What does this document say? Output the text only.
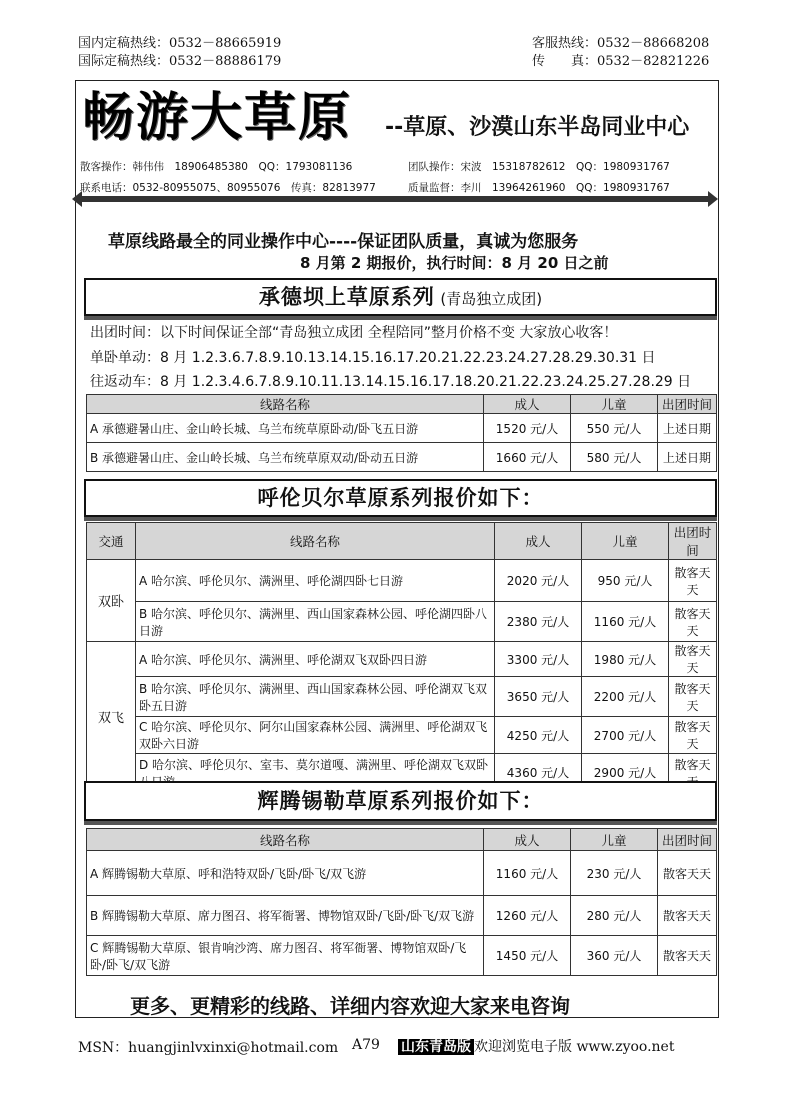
国内定稿热线：0532－88665919
国际定稿热线：0532－88886179
客服热线：0532－88668208
传　　真：0532－82821226
畅游大草原 --草原、沙漠山东半岛同业中心
散客操作：韩伟伟　18906485380　QQ：1793081136	团队操作：宋波　15318782612　QQ：1980931767
联系电话：0532-80955075、80955076　传真：82813977	质量监督：李川　13964261960　QQ：1980931767
草原线路最全的同业操作中心----保证团队质量，真诚为您服务
8 月第 2 期报价，执行时间：8 月 20 日之前
承德坝上草原系列 (青岛独立成团)
出团时间：以下时间保证全部“青岛独立成团 全程陪同”整月价格不变 大家放心收客！
单卧单动：8 月 1.2.3.6.7.8.9.10.13.14.15.16.17.20.21.22.23.24.27.28.29.30.31 日
往返动车：8 月 1.2.3.4.6.7.8.9.10.11.13.14.15.16.17.18.20.21.22.23.24.25.27.28.29 日
线路名称	成人	儿童	出团时间
A 承德避暑山庄、金山岭长城、乌兰布统草原卧动/卧飞五日游	1520 元/人	550 元/人	上述日期
B 承德避暑山庄、金山岭长城、乌兰布统草原双动/卧动五日游	1660 元/人	580 元/人	上述日期
呼伦贝尔草原系列报价如下：
交通	线路名称	成人	儿童	出团时间
双卧	A 哈尔滨、呼伦贝尔、满洲里、呼伦湖四卧七日游	2020 元/人	950 元/人	散客天天
	B 哈尔滨、呼伦贝尔、满洲里、西山国家森林公园、呼伦湖四卧八日游	2380 元/人	1160 元/人	散客天天
双飞	A 哈尔滨、呼伦贝尔、满洲里、呼伦湖双飞双卧四日游	3300 元/人	1980 元/人	散客天天
	B 哈尔滨、呼伦贝尔、满洲里、西山国家森林公园、呼伦湖双飞双卧五日游	3650 元/人	2200 元/人	散客天天
	C 哈尔滨、呼伦贝尔、阿尔山国家森林公园、满洲里、呼伦湖双飞双卧六日游	4250 元/人	2700 元/人	散客天天
	D 哈尔滨、呼伦贝尔、室韦、莫尔道嘎、满洲里、呼伦湖双飞双卧	4360 元/人	2900 元/人	散客天
辉腾锡勒草原系列报价如下：
线路名称	成人	儿童	出团时间
A 辉腾锡勒大草原、呼和浩特双卧/飞卧/卧飞/双飞游	1160 元/人	230 元/人	散客天天
B 辉腾锡勒大草原、席力图召、将军衙署、博物馆双卧/飞卧/卧飞/双飞游	1260 元/人	280 元/人	散客天天
C 辉腾锡勒大草原、银肯响沙湾、席力图召、将军衙署、博物馆双卧/飞卧/卧飞/双飞游	1450 元/人	360 元/人	散客天天
更多、更精彩的线路、详细内容欢迎大家来电咨询
MSN：huangjinlvxinxi@hotmail.com A79 山东青岛版 欢迎浏览电子版 www.zyoo.net
